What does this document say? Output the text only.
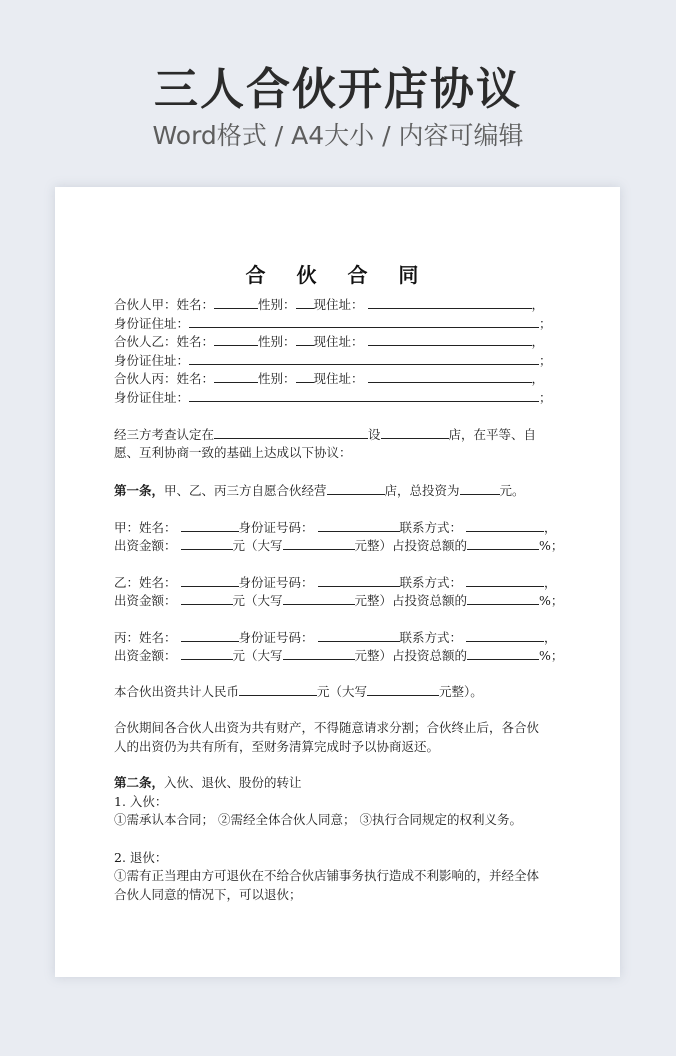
三人合伙开店协议
Word格式 / A4大小 / 内容可编辑
合 伙 合 同
合伙人甲：姓名：	性别： 现住址：	，
身份证住址：	；
合伙人乙：姓名：	性别： 现住址：	，
身份证住址：	；
合伙人丙：姓名：	性别： 现住址：	，
身份证住址：	；
经三方考查认定在	设	店，在平等、自
愿、互利协商一致的基础上达成以下协议：
第一条，甲、乙、丙三方自愿合伙经营	店，总投资为	元。
甲：姓名：	身份证号码：	联系方式：	，
出资金额：	元（大写	元整）占投资总额的	%；
乙：姓名：	身份证号码：	联系方式：	，
出资金额：	元（大写	元整）占投资总额的	%；
丙：姓名：	身份证号码：	联系方式：	，
出资金额：	元（大写	元整）占投资总额的	%；
本合伙出资共计人民币	元（大写	元整）。
合伙期间各合伙人出资为共有财产，不得随意请求分割；合伙终止后，各合伙
人的出资仍为共有所有，至财务清算完成时予以协商返还。
第二条，入伙、退伙、股份的转让
1. 入伙：
①需承认本合同； ②需经全体合伙人同意； ③执行合同规定的权利义务。
2. 退伙：
①需有正当理由方可退伙在不给合伙店铺事务执行造成不利影响的，并经全体
合伙人同意的情况下，可以退伙；
